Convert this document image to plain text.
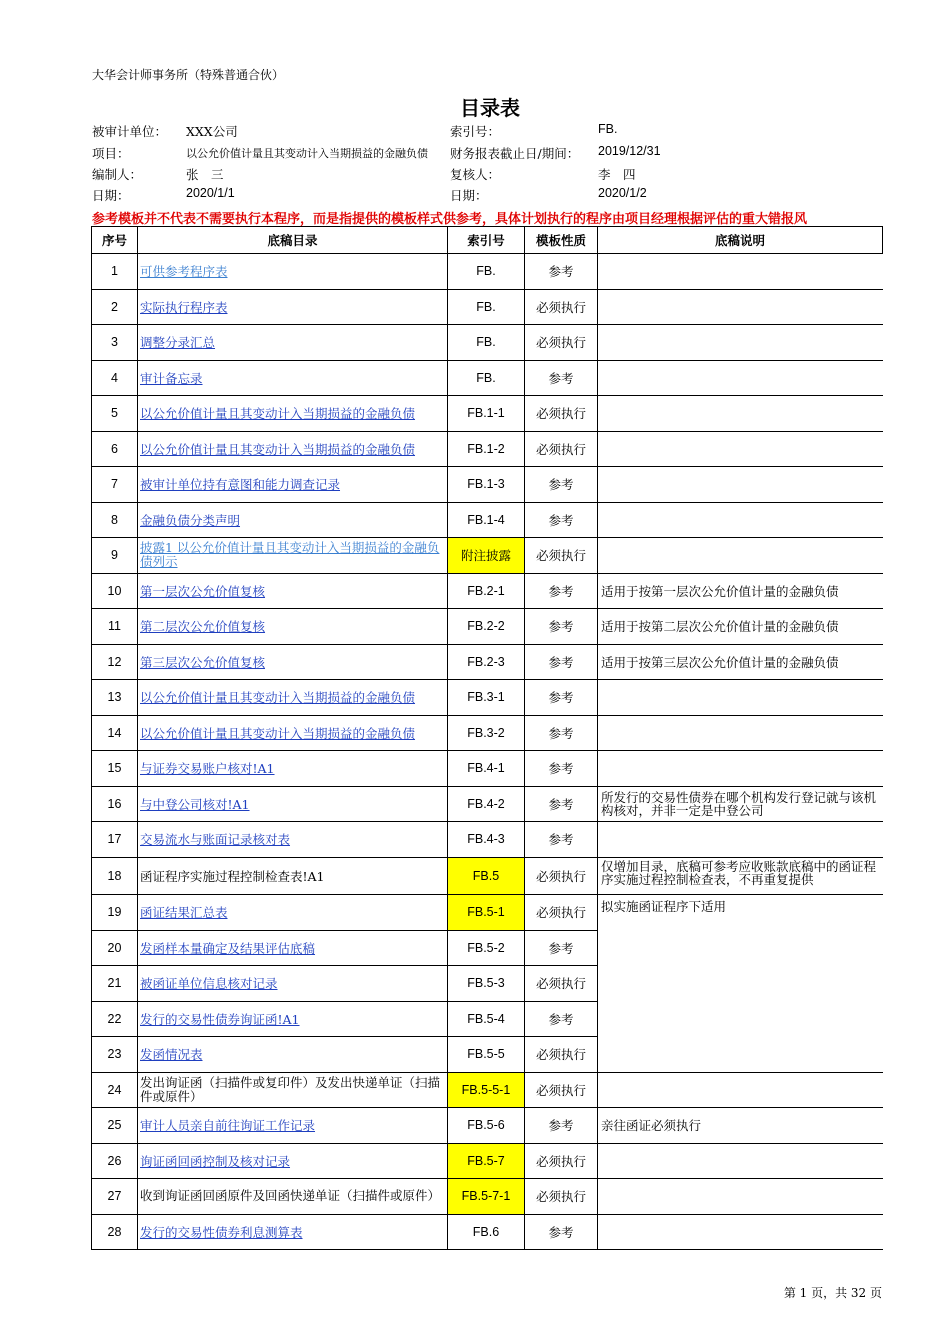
大华会计师事务所（特殊普通合伙）
目录表
被审计单位： XXX公司	索引号：	FB.
项目：	以公允价值计量且其变动计入当期损益的金融负债 财务报表截止日/期间： 2019/12/31
编制人：	张　三	复核人：	李　四
日期：	2020/1/1	日期：	2020/1/2
参考模板并不代表不需要执行本程序，而是指提供的模板样式供参考，具体计划执行的程序由项目经理根据评估的重大错报风
序号	底稿目录	索引号	模板性质	底稿说明
1	可供参考程序表	FB.	参考	
2	实际执行程序表	FB.	必须执行	
3	调整分录汇总	FB.	必须执行	
4	审计备忘录	FB.	参考	
5	以公允价值计量且其变动计入当期损益的金融负债	FB.1-1	必须执行	
6	以公允价值计量且其变动计入当期损益的金融负债	FB.1-2	必须执行	
7	被审计单位持有意图和能力调查记录	FB.1-3	参考	
8	金融负债分类声明	FB.1-4	参考	
9	披露1 以公允价值计量且其变动计入当期损益的金融负债列示	附注披露	必须执行	
10	第一层次公允价值复核	FB.2-1	参考	适用于按第一层次公允价值计量的金融负债
11	第二层次公允价值复核	FB.2-2	参考	适用于按第二层次公允价值计量的金融负债
12	第三层次公允价值复核	FB.2-3	参考	适用于按第三层次公允价值计量的金融负债
13	以公允价值计量且其变动计入当期损益的金融负债	FB.3-1	参考	
14	以公允价值计量且其变动计入当期损益的金融负债	FB.3-2	参考	
15	与证券交易账户核对!A1	FB.4-1	参考	
16	与中登公司核对!A1	FB.4-2	参考	所发行的交易性债券在哪个机构发行登记就与该机构核对，并非一定是中登公司
17	交易流水与账面记录核对表	FB.4-3	参考	
18	函证程序实施过程控制检查表!A1	FB.5	必须执行	仅增加目录，底稿可参考应收账款底稿中的函证程序实施过程控制检查表，不再重复提供
19	函证结果汇总表	FB.5-1	必须执行	拟实施函证程序下适用
20	发函样本量确定及结果评估底稿	FB.5-2	参考	
21	被函证单位信息核对记录	FB.5-3	必须执行	
22	发行的交易性债券询证函!A1	FB.5-4	参考	
23	发函情况表	FB.5-5	必须执行	
24	发出询证函（扫描件或复印件）及发出快递单证（扫描件或原件）	FB.5-5-1	必须执行	
25	审计人员亲自前往询证工作记录	FB.5-6	参考	亲往函证必须执行
26	询证函回函控制及核对记录	FB.5-7	必须执行	
27	收到询证函回函原件及回函快递单证（扫描件或原件）	FB.5-7-1	必须执行	
28	发行的交易性债券利息测算表	FB.6	参考	
第 1 页，共 32 页
